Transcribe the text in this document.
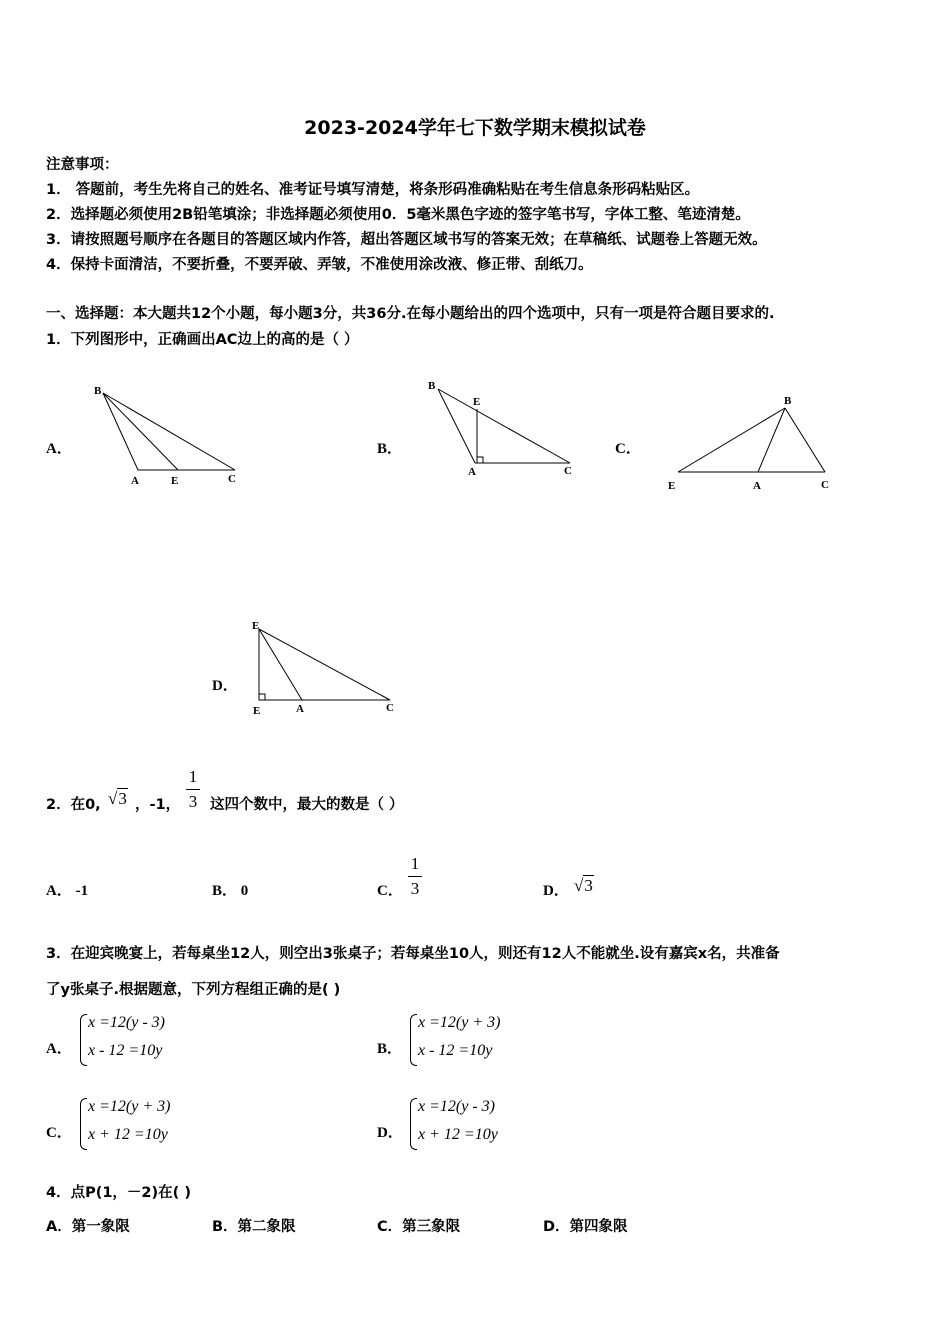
2023-2024学年七下数学期末模拟试卷
注意事项：
1． 答题前，考生先将自己的姓名、准考证号填写清楚，将条形码准确粘贴在考生信息条形码粘贴区。
2．选择题必须使用2B铅笔填涂；非选择题必须使用0．5毫米黑色字迹的签字笔书写，字体工整、笔迹清楚。
3．请按照题号顺序在各题目的答题区域内作答，超出答题区域书写的答案无效；在草稿纸、试题卷上答题无效。
4．保持卡面清洁，不要折叠，不要弄破、弄皱，不准使用涂改液、修正带、刮纸刀。
一、选择题：本大题共12个小题，每小题3分，共36分.在每小题给出的四个选项中，只有一项是符合题目要求的.
1．下列图形中，正确画出AC边上的高的是（ ）
A．
B
A	E	C
B．
B
E
A	C
C．
B
E	A	C
D．
E
E	A	C
2．在0, √3 ，-1，
1
3 这四个数中，最大的数是（ ）
A． -1	B． 0	C．
1
3	D． √3
3．在迎宾晚宴上，若每桌坐12人，则空出3张桌子；若每桌坐10人，则还有12人不能就坐.设有嘉宾x名，共准备
了y张桌子.根据题意，下列方程组正确的是( )
A．
x =12(y - 3)
x - 12 =10y	B．
x =12(y + 3)
x - 12 =10y
C．
x =12(y + 3)
x + 12 =10y	D．
x =12(y - 3)
x + 12 =10y
4．点P(1，－2)在( )
A．第一象限	B．第二象限	C．第三象限	D．第四象限
